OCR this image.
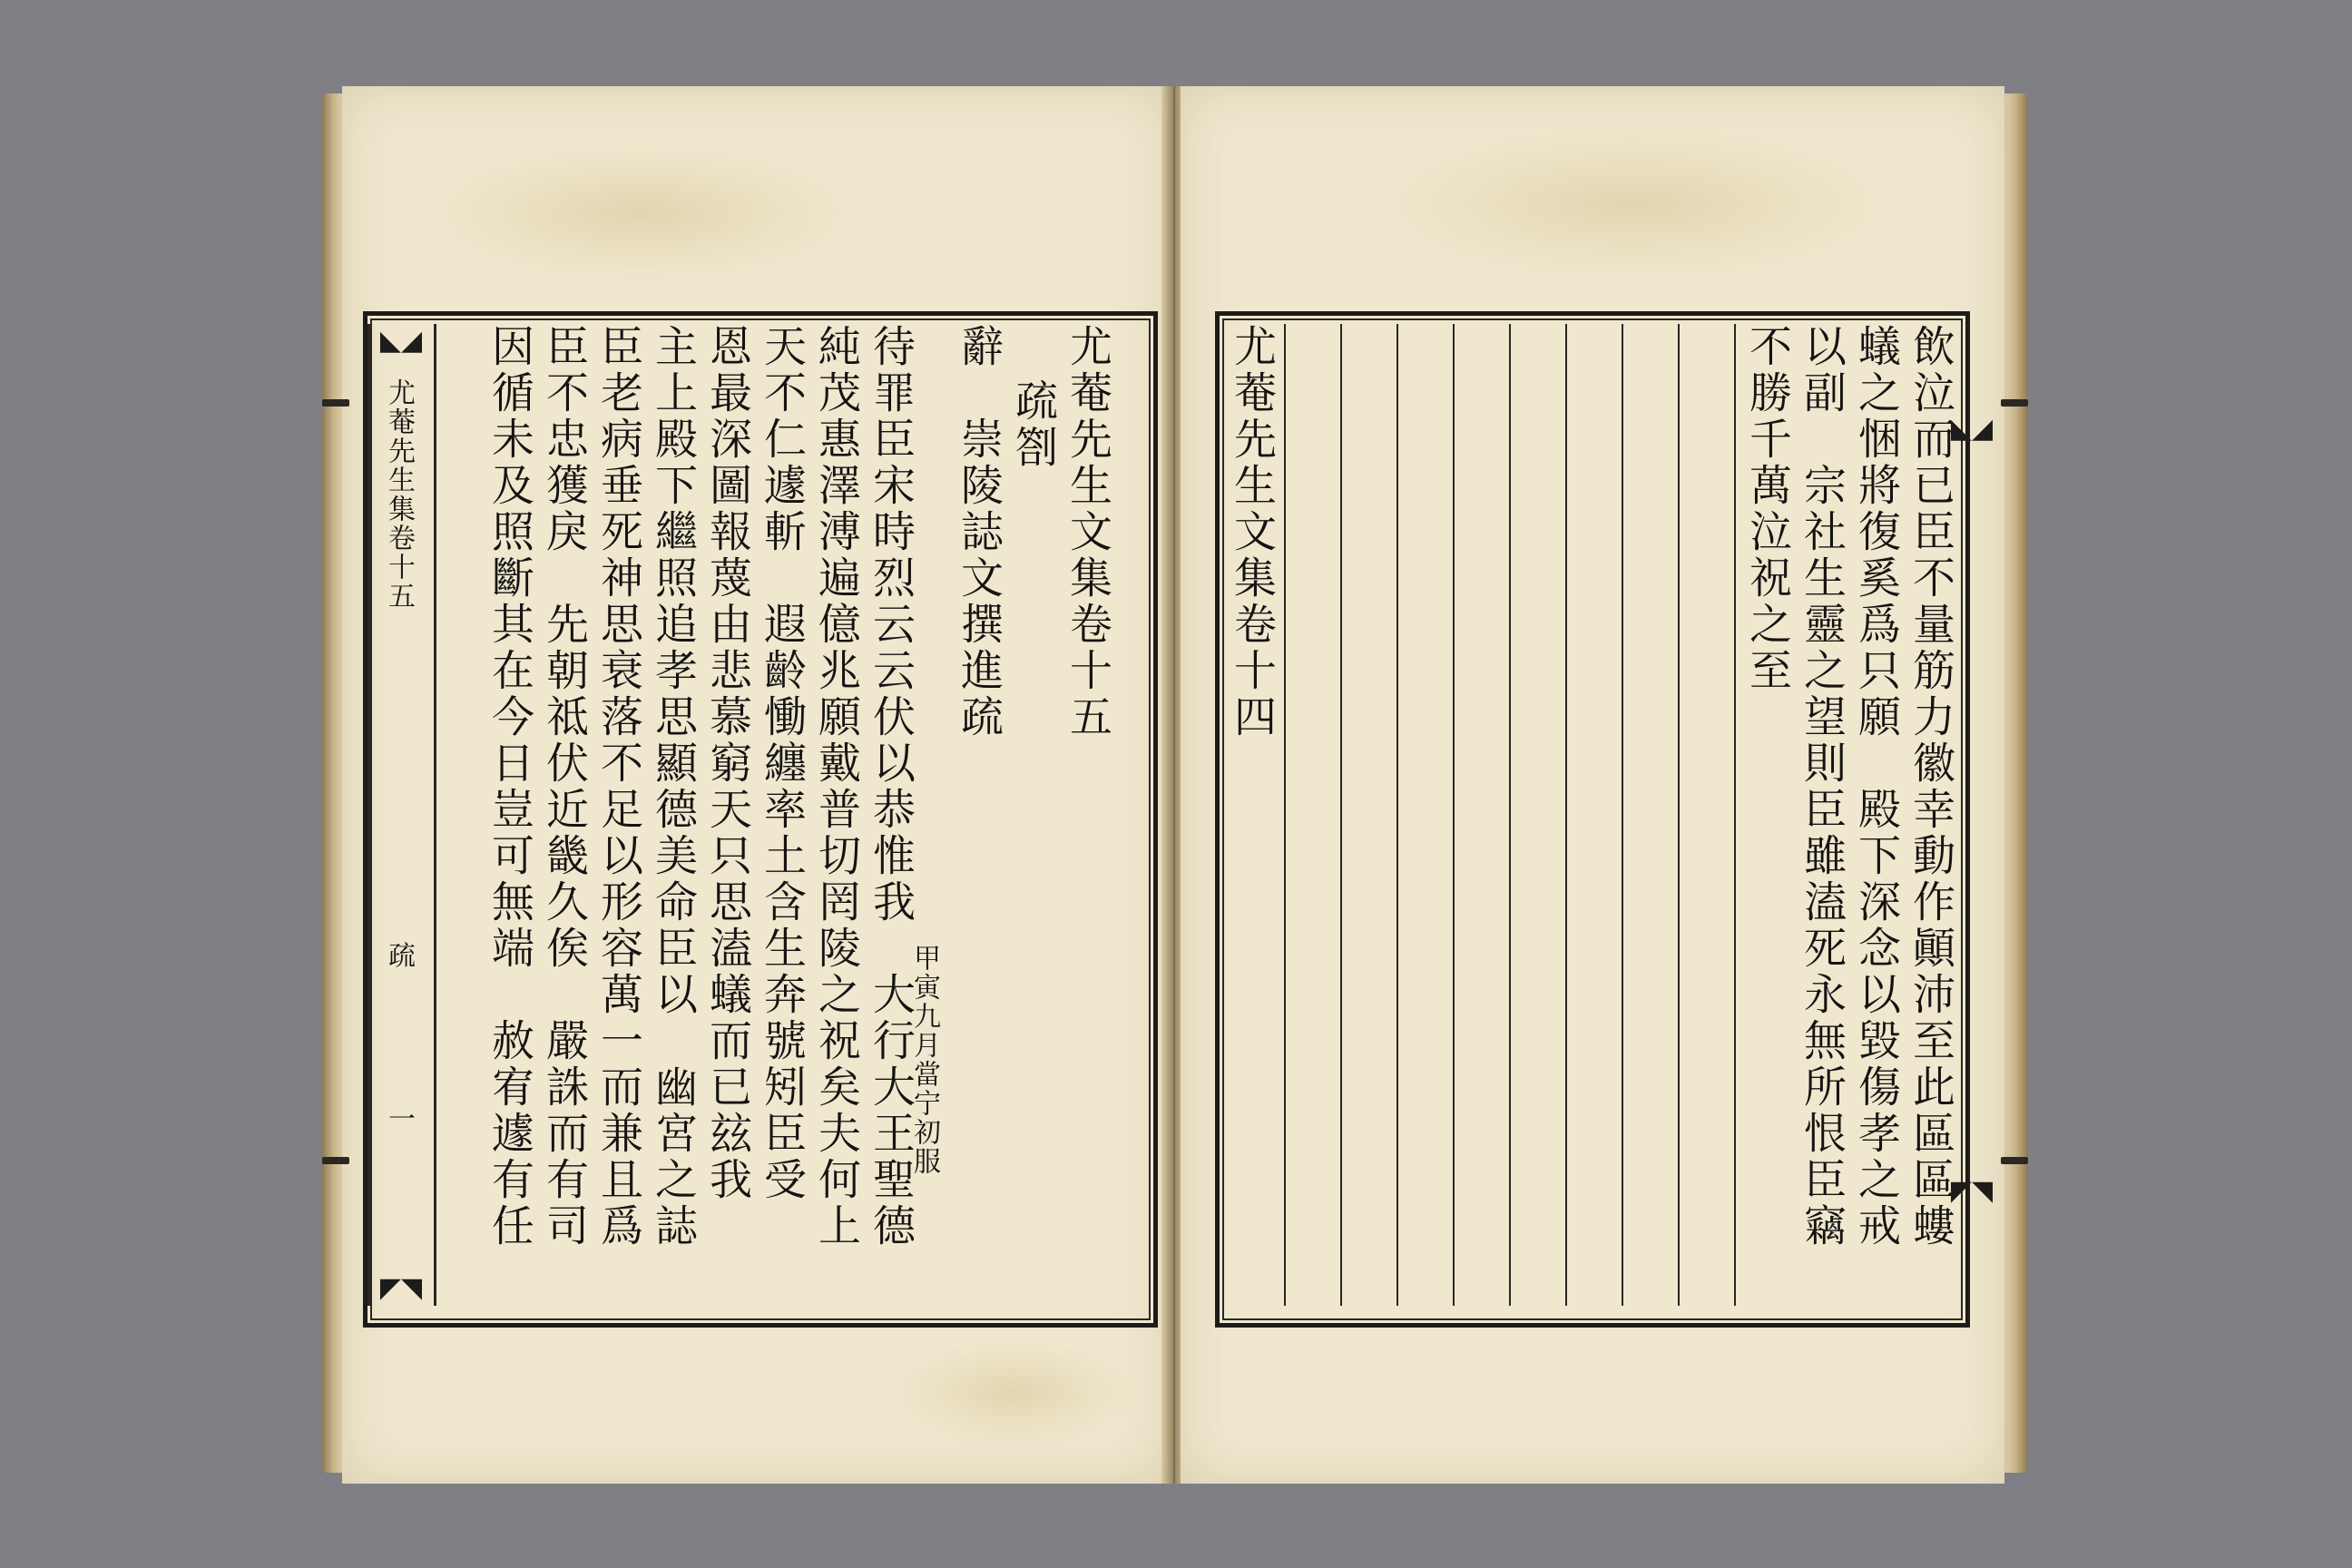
尤菴先生文集卷十五
疏劄
辭　崇陵誌文撰進疏
甲寅九月當宁初服
待罪臣宋時烈云云伏以恭惟我　大行大王聖德
純茂惠澤溥遍億兆願戴普切罔陵之祝矣夫何上
天不仁遽斬　遐齡慟纏率土含生奔號矧臣受
恩最深圖報蔑由悲慕窮天只思溘蟻而已玆我
主上殿下繼照追孝思顯德美命臣以　幽宮之誌
臣老病垂死神思衰落不足以形容萬一而兼且爲
臣不忠獲戾　先朝祗伏近畿久俟　嚴誅而有司
因循未及照斷其在今日豈可無端　赦宥遽有任
◣◢
尤菴先生集卷十五
疏
一
◤◥
飲泣而已臣不量筋力徽幸動作顚沛至此區區螻
蟻之悃將復奚爲只願　殿下深念以毀傷孝之戒
以副　宗社生靈之望則臣雖溘死永無所恨臣竊
不勝千萬泣祝之至
尤菴先生文集卷十四	◣◢
◤◥
